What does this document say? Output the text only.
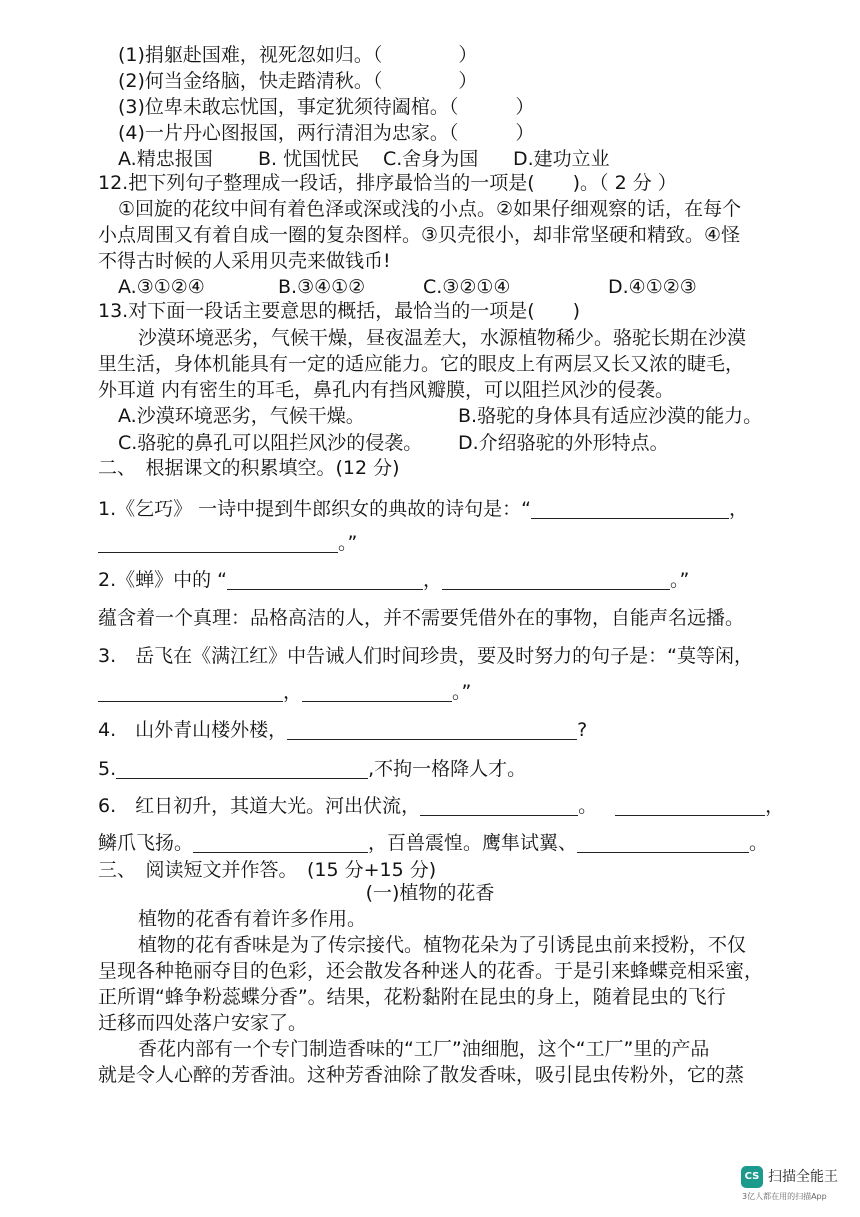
(1)捐躯赴国难，视死忽如归。（　　　　）
(2)何当金络脑，快走踏清秋。（　　　　）
(3)位卑未敢忘忧国，事定犹须待阖棺。（　　　）
(4)一片丹心图报国，两行清泪为忠家。（　　　）
A.精忠报国 B. 忧国忧民 C.舍身为国 D.建功立业
12.把下列句子整理成一段话，排序最恰当的一项是(　　)。（ 2 分 ）
①回旋的花纹中间有着色泽或深或浅的小点。②如果仔细观察的话，在每个
小点周围又有着自成一圈的复杂图样。③贝壳很小，却非常坚硬和精致。④怪
不得古时候的人采用贝壳来做钱币!
A.③①②④	B.③④①②	C.③②①④	D.④①②③
13.对下面一段话主要意思的概括，最恰当的一项是(　　)
沙漠环境恶劣，气候干燥，昼夜温差大，水源植物稀少。骆驼长期在沙漠
里生活，身体机能具有一定的适应能力。它的眼皮上有两层又长又浓的睫毛，
外耳道 内有密生的耳毛，鼻孔内有挡风瓣膜，可以阻拦风沙的侵袭。
A.沙漠环境恶劣，气候干燥。	B.骆驼的身体具有适应沙漠的能力。
C.骆驼的鼻孔可以阻拦风沙的侵袭。 D.介绍骆驼的外形特点。
二、　根据课文的积累填空。(12 分)
1.《乞巧》 一诗中提到牛郎织女的典故的诗句是：“	，
。”
2.《蝉》中的 “	，	。”
蕴含着一个真理：品格高洁的人，并不需要凭借外在的事物，自能声名远播。
3.　岳飞在《满江红》中告诫人们时间珍贵，要及时努力的句子是：“莫等闲，
，	。”
4.　山外青山楼外楼，	?
5.	,不拘一格降人才。
6.　红日初升，其道大光。河出伏流，	。	，
鳞爪飞扬。	，百兽震惶。鹰隼试翼、	。
三、　阅读短文并作答。　(15 分+15 分)
(一)植物的花香
植物的花香有着许多作用。
植物的花有香味是为了传宗接代。植物花朵为了引诱昆虫前来授粉，不仅
呈现各种艳丽夺目的色彩，还会散发各种迷人的花香。于是引来蜂蝶竞相采蜜，
正所谓“蜂争粉蕊蝶分香”。结果，花粉黏附在昆虫的身上，随着昆虫的飞行
迁移而四处落户安家了。
香花内部有一个专门制造香味的“工厂”油细胞，这个“工厂”里的产品
就是令人心醉的芳香油。这种芳香油除了散发香味，吸引昆虫传粉外，它的蒸
CS 扫描全能王
3亿人都在用的扫描App
